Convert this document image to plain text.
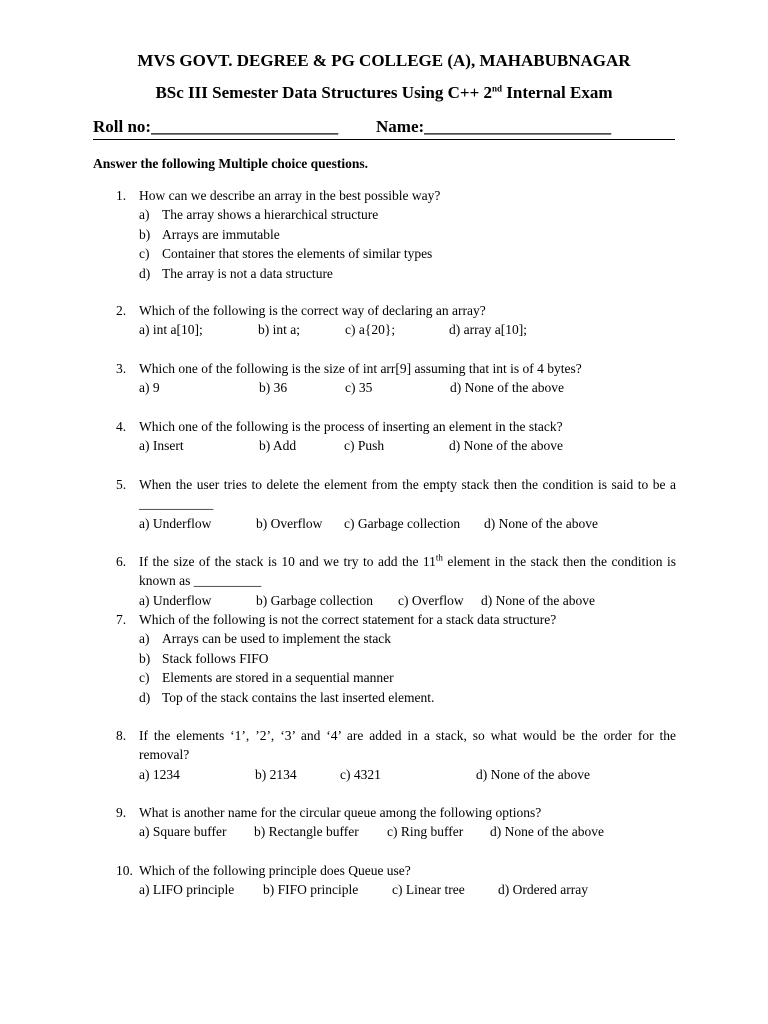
MVS GOVT. DEGREE & PG COLLEGE (A), MAHABUBNAGAR

BSc III Semester Data Structures Using C++ 2nd Internal Exam

Roll no:______________________ Name:______________________
Answer the following Multiple choice questions.
1. How can we describe an array in the best possible way?
a) The array shows a hierarchical structure
b) Arrays are immutable
c) Container that stores the elements of similar types
d) The array is not a data structure
2. Which of the following is the correct way of declaring an array?
a) int a[10];	b) int a;	c) a{20};	d) array a[10];
3. Which one of the following is the size of int arr[9] assuming that int is of 4 bytes?
a) 9	b) 36	c) 35	d) None of the above
4. Which one of the following is the process of inserting an element in the stack?
a) Insert	b) Add	c) Push	d) None of the above
5. When the user tries to delete the element from the empty stack then the condition is said to be a ___________
a) Underflow	b) Overflow c) Garbage collection d) None of the above
6. If the size of the stack is 10 and we try to add the 11th element in the stack then the condition is known as __________
a) Underflow	b) Garbage collection c) Overflow d) None of the above
7. Which of the following is not the correct statement for a stack data structure?
a) Arrays can be used to implement the stack
b) Stack follows FIFO
c) Elements are stored in a sequential manner
d) Top of the stack contains the last inserted element.
8. If the elements ‘1’, ’2’, ‘3’ and ‘4’ are added in a stack, so what would be the order for the removal?
a) 1234	b) 2134	c) 4321	d) None of the above
9. What is another name for the circular queue among the following options?
a) Square buffer b) Rectangle buffer c) Ring buffer d) None of the above
10. Which of the following principle does Queue use?
a) LIFO principle b) FIFO principle	c) Linear tree d) Ordered array
